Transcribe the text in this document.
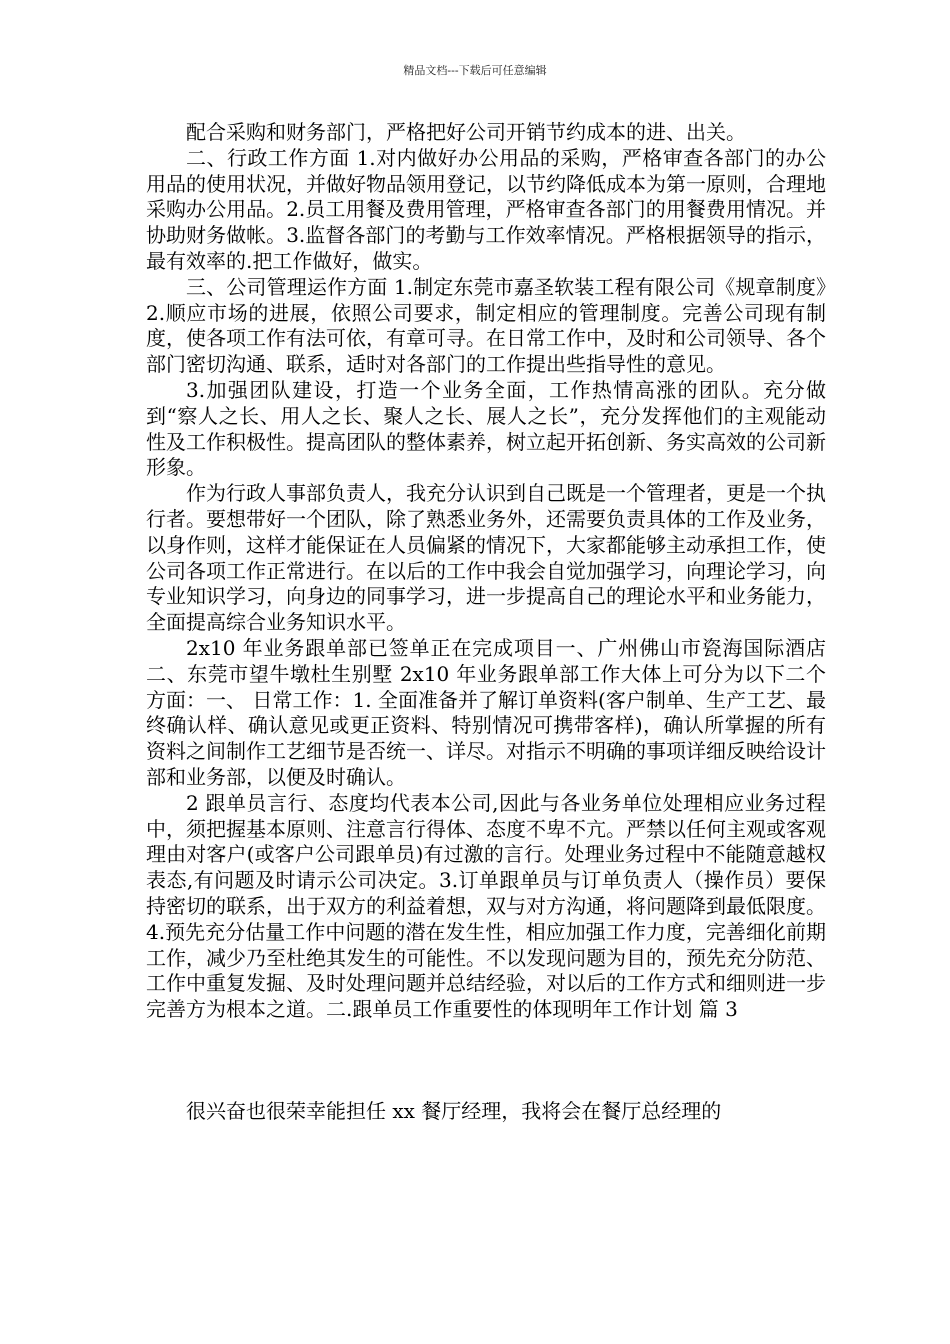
精品文档---下载后可任意编辑

配合采购和财务部门，严格把好公司开销节约成本的进、出关。

二、行政工作方面 1.对内做好办公用品的采购，严格审查各部门的办公用品的使用状况，并做好物品领用登记，以节约降低成本为第一原则，合理地采购办公用品。2.员工用餐及费用管理，严格审查各部门的用餐费用情况。并协助财务做帐。3.监督各部门的考勤与工作效率情况。严格根据领导的指示，最有效率的.把工作做好，做实。

三、公司管理运作方面 1.制定东莞市嘉圣软装工程有限公司《规章制度》2.顺应市场的进展，依照公司要求，制定相应的管理制度。完善公司现有制度，使各项工作有法可依，有章可寻。在日常工作中，及时和公司领导、各个部门密切沟通、联系，适时对各部门的工作提出些指导性的意见。

3.加强团队建设，打造一个业务全面，工作热情高涨的团队。充分做到“察人之长、用人之长、聚人之长、展人之长”，充分发挥他们的主观能动性及工作积极性。提高团队的整体素养，树立起开拓创新、务实高效的公司新形象。

作为行政人事部负责人，我充分认识到自己既是一个管理者，更是一个执行者。要想带好一个团队，除了熟悉业务外，还需要负责具体的工作及业务，以身作则，这样才能保证在人员偏紧的情况下，大家都能够主动承担工作，使公司各项工作正常进行。在以后的工作中我会自觉加强学习，向理论学习，向专业知识学习，向身边的同事学习，进一步提高自己的理论水平和业务能力，全面提高综合业务知识水平。

2x10 年业务跟单部已签单正在完成项目一、广州佛山市瓷海国际酒店二、东莞市望牛墩杜生别墅 2x10 年业务跟单部工作大体上可分为以下二个方面：一、 日常工作：1. 全面准备并了解订单资料(客户制单、生产工艺、最终确认样、确认意见或更正资料、特别情况可携带客样)，确认所掌握的所有资料之间制作工艺细节是否统一、详尽。对指示不明确的事项详细反映给设计部和业务部，以便及时确认。

2 跟单员言行、态度均代表本公司,因此与各业务单位处理相应业务过程中，须把握基本原则、注意言行得体、态度不卑不亢。严禁以任何主观或客观理由对客户(或客户公司跟单员)有过激的言行。处理业务过程中不能随意越权表态,有问题及时请示公司决定。3.订单跟单员与订单负责人（操作员）要保持密切的联系，出于双方的利益着想，双与对方沟通，将问题降到最低限度。4.预先充分估量工作中问题的潜在发生性，相应加强工作力度，完善细化前期工作，减少乃至杜绝其发生的可能性。不以发现问题为目的，预先充分防范、工作中重复发掘、及时处理问题并总结经验，对以后的工作方式和细则进一步完善方为根本之道。二.跟单员工作重要性的体现明年工作计划 篇 3

很兴奋也很荣幸能担任 xx 餐厅经理，我将会在餐厅总经理的
